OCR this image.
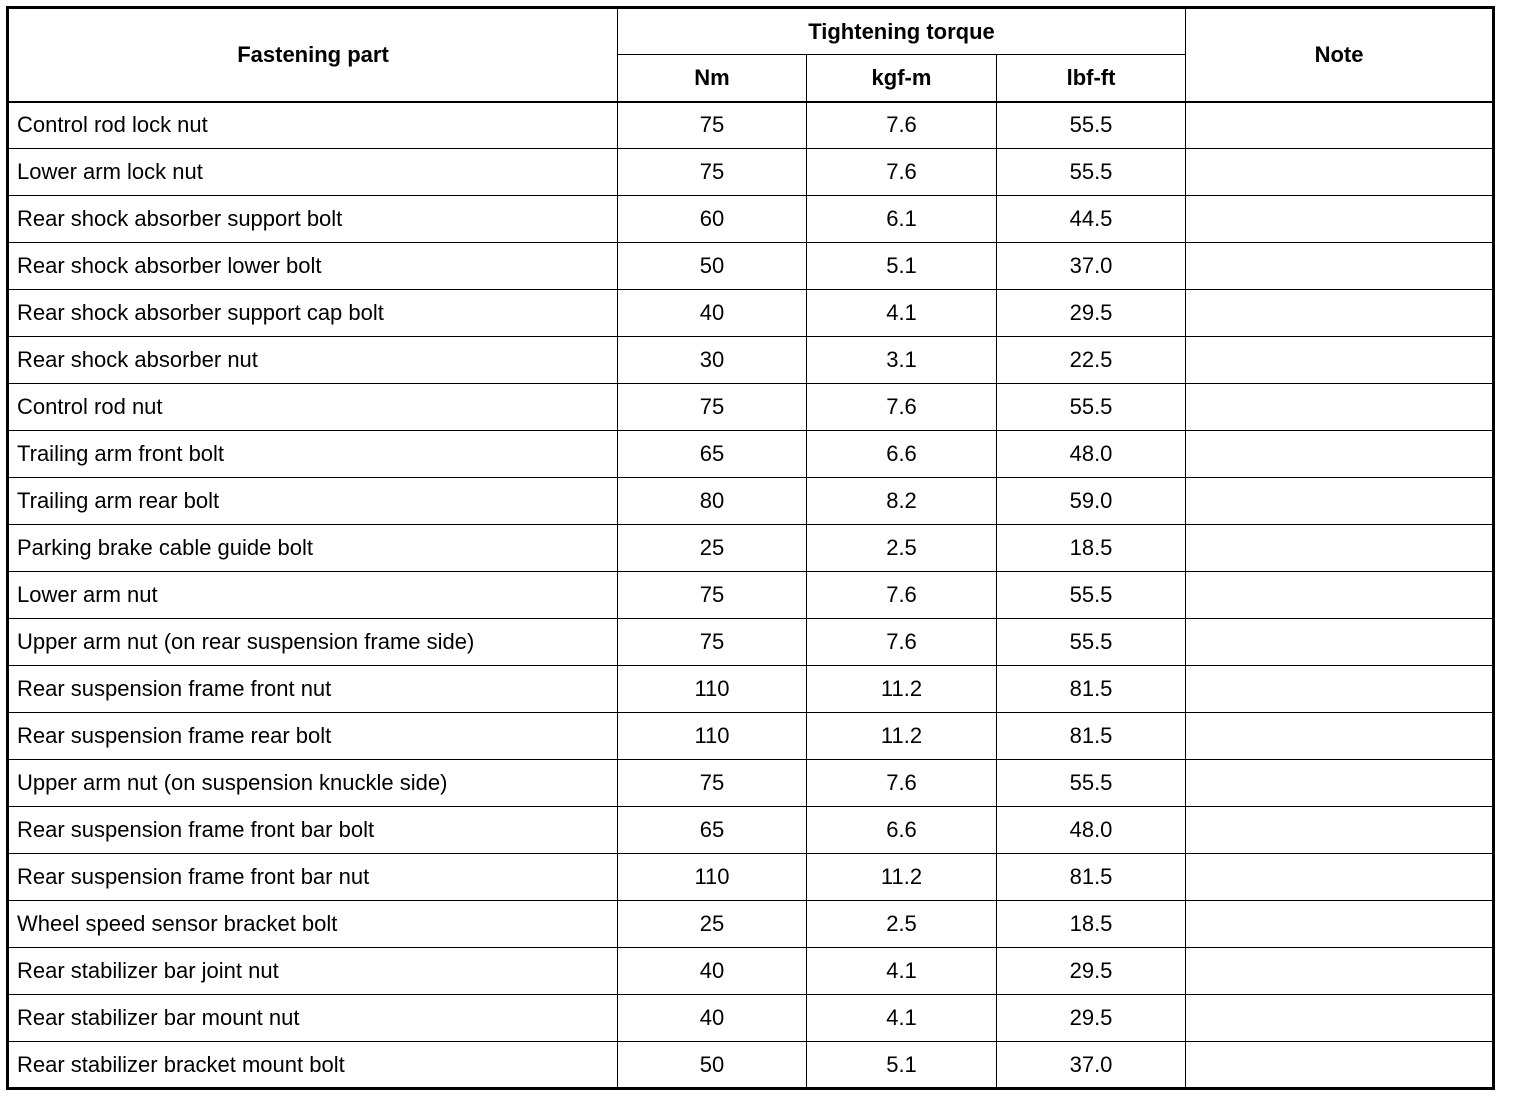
Fastening part	Tightening torque			Note
	Nm	kgf-m	lbf-ft	
Control rod lock nut	75	7.6	55.5	
Lower arm lock nut	75	7.6	55.5	
Rear shock absorber support bolt	60	6.1	44.5	
Rear shock absorber lower bolt	50	5.1	37.0	
Rear shock absorber support cap bolt	40	4.1	29.5	
Rear shock absorber nut	30	3.1	22.5	
Control rod nut	75	7.6	55.5	
Trailing arm front bolt	65	6.6	48.0	
Trailing arm rear bolt	80	8.2	59.0	
Parking brake cable guide bolt	25	2.5	18.5	
Lower arm nut	75	7.6	55.5	
Upper arm nut (on rear suspension frame side)	75	7.6	55.5	
Rear suspension frame front nut	110	11.2	81.5	
Rear suspension frame rear bolt	110	11.2	81.5	
Upper arm nut (on suspension knuckle side)	75	7.6	55.5	
Rear suspension frame front bar bolt	65	6.6	48.0	
Rear suspension frame front bar nut	110	11.2	81.5	
Wheel speed sensor bracket bolt	25	2.5	18.5	
Rear stabilizer bar joint nut	40	4.1	29.5	
Rear stabilizer bar mount nut	40	4.1	29.5	
Rear stabilizer bracket mount bolt	50	5.1	37.0	
